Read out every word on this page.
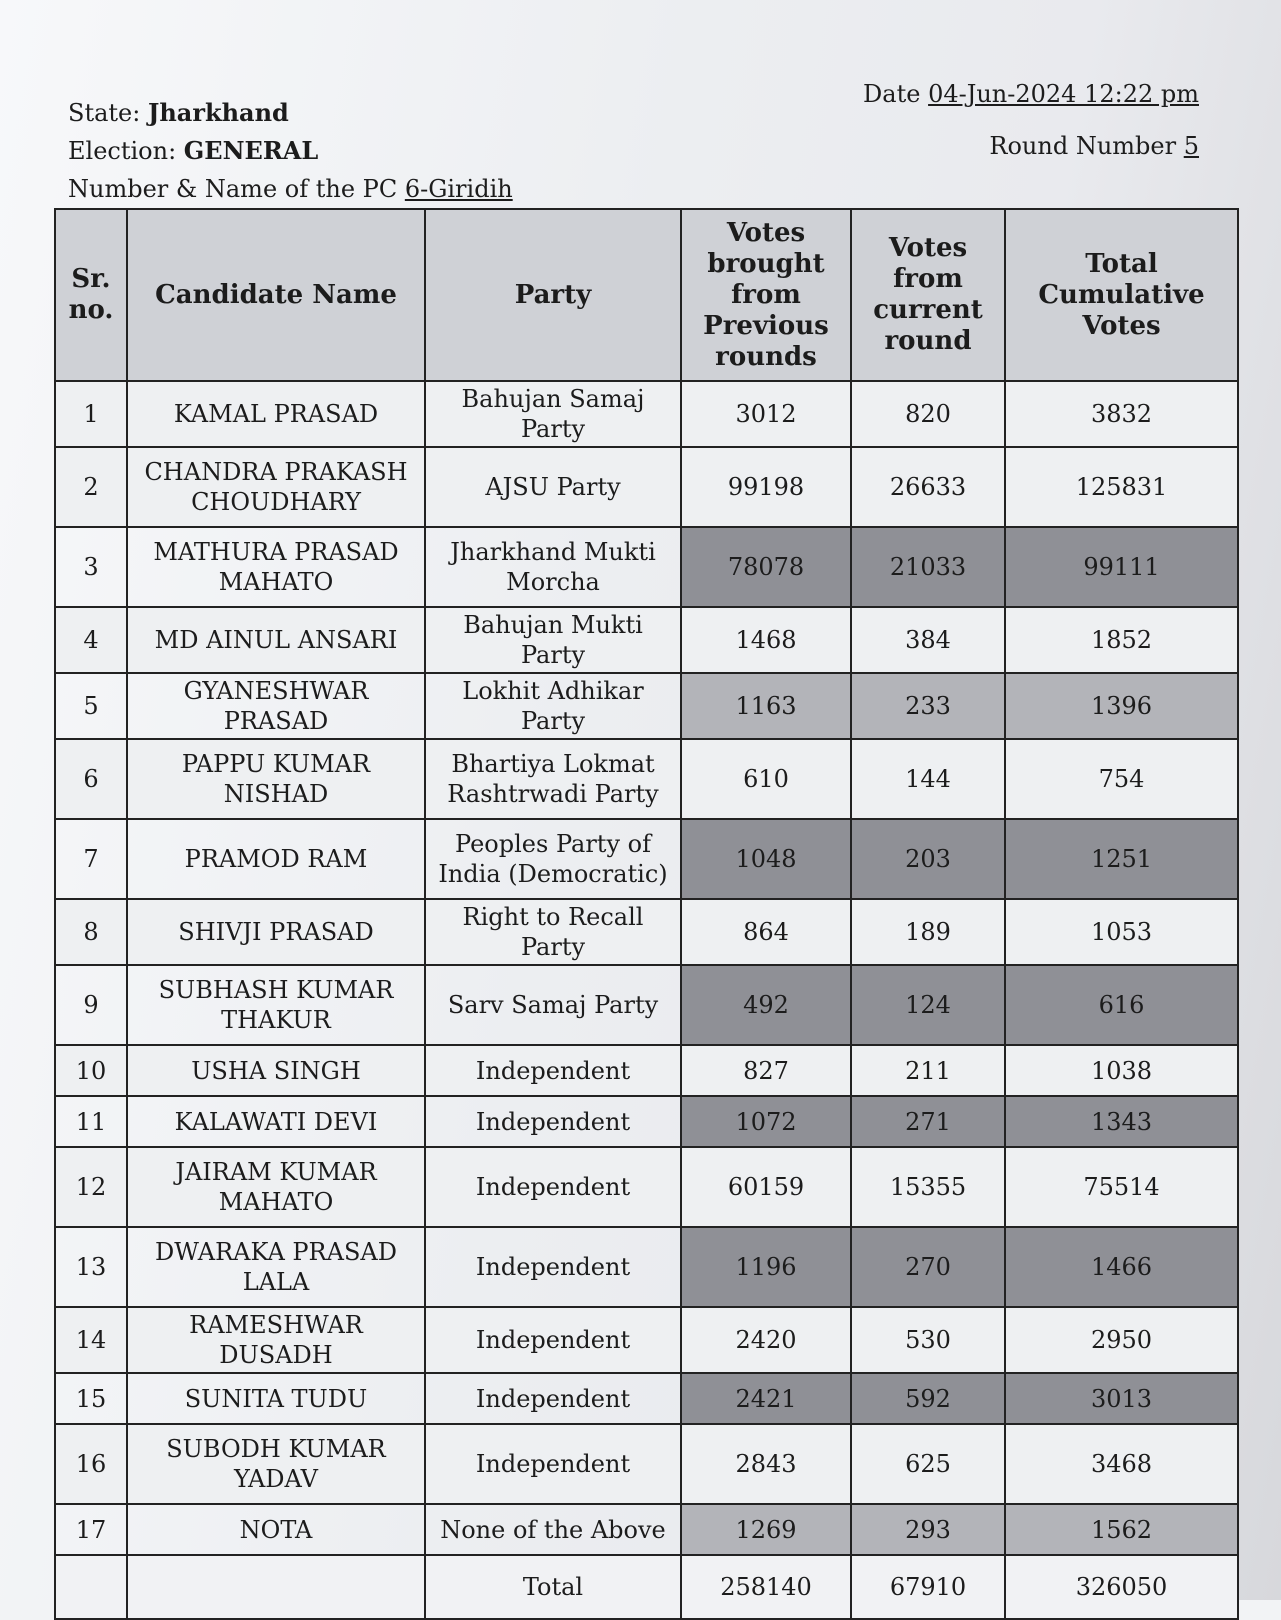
State: Jharkhand
Election: GENERAL
Number & Name of the PC 6-Giridih
Date 04-Jun-2024 12:22 pm
Round Number 5
Sr. no.	Candidate Name	Party	Votes brought from Previous rounds	Votes from current round	Total Cumulative Votes
1	KAMAL PRASAD	Bahujan Samaj Party	3012	820	3832
2	CHANDRA PRAKASH CHOUDHARY	AJSU Party	99198	26633	125831
3	MATHURA PRASAD MAHATO	Jharkhand Mukti Morcha	78078	21033	99111
4	MD AINUL ANSARI	Bahujan Mukti Party	1468	384	1852
5	GYANESHWAR PRASAD	Lokhit Adhikar Party	1163	233	1396
6	PAPPU KUMAR NISHAD	Bhartiya Lokmat Rashtrwadi Party	610	144	754
7	PRAMOD RAM	Peoples Party of India (Democratic)	1048	203	1251
8	SHIVJI PRASAD	Right to Recall Party	864	189	1053
9	SUBHASH KUMAR THAKUR	Sarv Samaj Party	492	124	616
10	USHA SINGH	Independent	827	211	1038
11	KALAWATI DEVI	Independent	1072	271	1343
12	JAIRAM KUMAR MAHATO	Independent	60159	15355	75514
13	DWARAKA PRASAD LALA	Independent	1196	270	1466
14	RAMESHWAR DUSADH	Independent	2420	530	2950
15	SUNITA TUDU	Independent	2421	592	3013
16	SUBODH KUMAR YADAV	Independent	2843	625	3468
17	NOTA	None of the Above	1269	293	1562
		Total	258140	67910	326050
